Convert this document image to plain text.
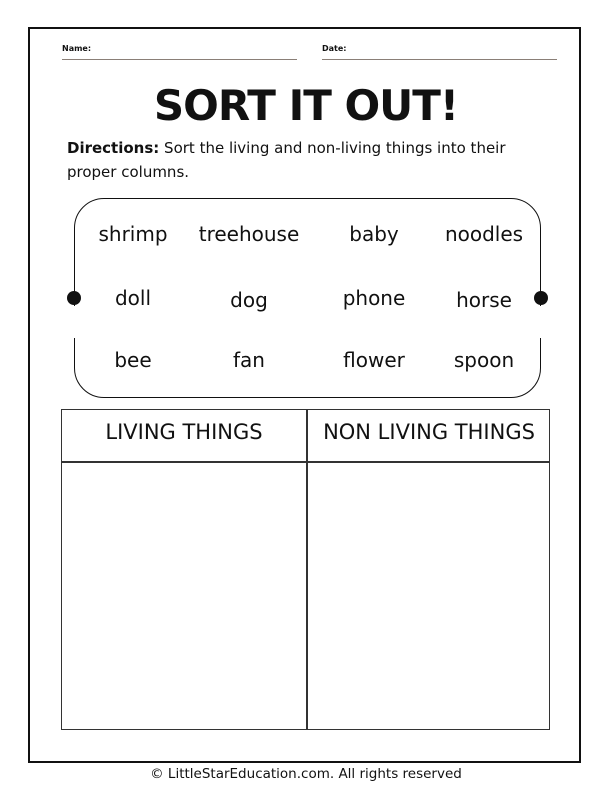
Name:	Date:
SORT IT OUT!
Directions: Sort the living and non-living things into their proper columns.
shrimp treehouse baby noodles
doll	dog	phone	horse
bee	fan	flower spoon
LIVING THINGS	NON LIVING THINGS
© LittleStarEducation.com. All rights reserved
